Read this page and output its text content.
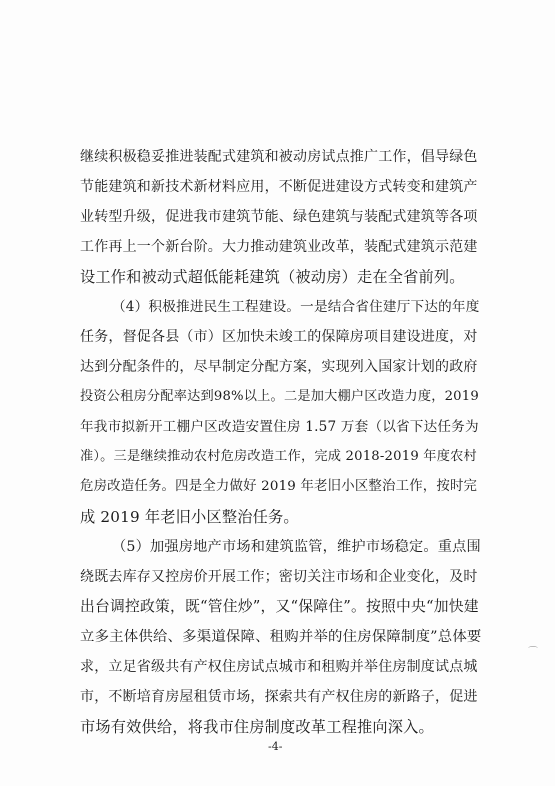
继续积极稳妥推进装配式建筑和被动房试点推广工作，倡导绿色
节能建筑和新技术新材料应用，不断促进建设方式转变和建筑产
业转型升级，促进我市建筑节能、绿色建筑与装配式建筑等各项
工作再上一个新台阶。大力推动建筑业改革，装配式建筑示范建
设工作和被动式超低能耗建筑（被动房）走在全省前列。
（4）积极推进民生工程建设。一是结合省住建厅下达的年度
任务，督促各县（市）区加快未竣工的保障房项目建设进度，对
达到分配条件的，尽早制定分配方案，实现列入国家计划的政府
投资公租房分配率达到98%以上。二是加大棚户区改造力度，2019
年我市拟新开工棚户区改造安置住房 1.57 万套（以省下达任务为
准）。三是继续推动农村危房改造工作，完成 2018-2019 年度农村
危房改造任务。四是全力做好 2019 年老旧小区整治工作，按时完
成 2019 年老旧小区整治任务。
（5）加强房地产市场和建筑监管，维护市场稳定。重点围
绕既去库存又控房价开展工作；密切关注市场和企业变化，及时
出台调控政策，既“管住炒”，又“保障住”。按照中央“加快建
立多主体供给、多渠道保障、租购并举的住房保障制度”总体要
求，立足省级共有产权住房试点城市和租购并举住房制度试点城
市，不断培育房屋租赁市场，探索共有产权住房的新路子，促进
市场有效供给，将我市住房制度改革工程推向深入。
⌒
-4-
